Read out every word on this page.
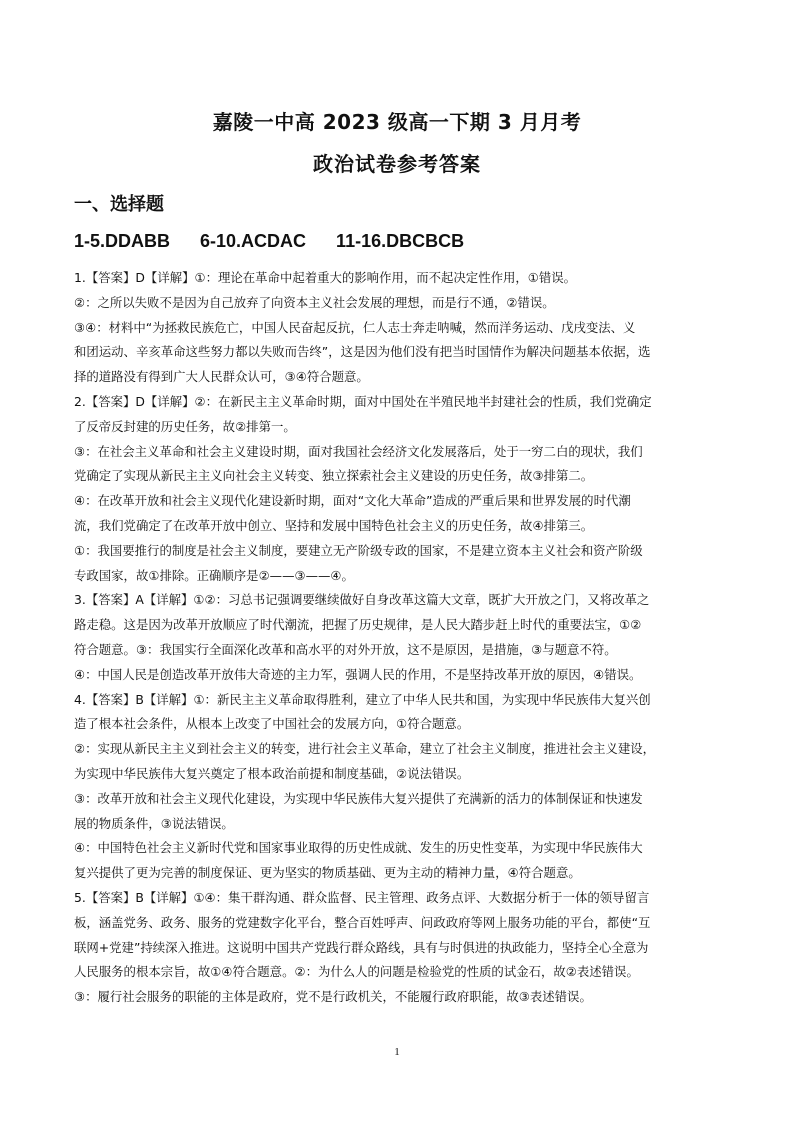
嘉陵一中高 2023 级高一下期 3 月月考
政治试卷参考答案
一、选择题
1-5.DDABB      6-10.ACDAC      11-16.DBCBCB
1.【答案】D【详解】①：理论在革命中起着重大的影响作用，而不起决定性作用，①错误。
②：之所以失败不是因为自己放弃了向资本主义社会发展的理想，而是行不通，②错误。
③④：材料中“为拯救民族危亡，中国人民奋起反抗，仁人志士奔走呐喊，然而洋务运动、戊戌变法、义
和团运动、辛亥革命这些努力都以失败而告终”，这是因为他们没有把当时国情作为解决问题基本依据，选
择的道路没有得到广大人民群众认可，③④符合题意。
2.【答案】D【详解】②：在新民主主义革命时期，面对中国处在半殖民地半封建社会的性质，我们党确定
了反帝反封建的历史任务，故②排第一。
③：在社会主义革命和社会主义建设时期，面对我国社会经济文化发展落后，处于一穷二白的现状，我们
党确定了实现从新民主主义向社会主义转变、独立探索社会主义建设的历史任务，故③排第二。
④：在改革开放和社会主义现代化建设新时期，面对“文化大革命”造成的严重后果和世界发展的时代潮
流，我们党确定了在改革开放中创立、坚持和发展中国特色社会主义的历史任务，故④排第三。
①：我国要推行的制度是社会主义制度，要建立无产阶级专政的国家，不是建立资本主义社会和资产阶级
专政国家，故①排除。正确顺序是②——③——④。
3.【答案】A【详解】①②：习总书记强调要继续做好自身改革这篇大文章，既扩大开放之门，又将改革之
路走稳。这是因为改革开放顺应了时代潮流，把握了历史规律，是人民大踏步赶上时代的重要法宝，①②
符合题意。③：我国实行全面深化改革和高水平的对外开放，这不是原因，是措施，③与题意不符。
④：中国人民是创造改革开放伟大奇迹的主力军，强调人民的作用，不是坚持改革开放的原因，④错误。
4.【答案】B【详解】①：新民主主义革命取得胜利，建立了中华人民共和国，为实现中华民族伟大复兴创
造了根本社会条件，从根本上改变了中国社会的发展方向，①符合题意。
②：实现从新民主主义到社会主义的转变，进行社会主义革命，建立了社会主义制度，推进社会主义建设，
为实现中华民族伟大复兴奠定了根本政治前提和制度基础，②说法错误。
③：改革开放和社会主义现代化建设，为实现中华民族伟大复兴提供了充满新的活力的体制保证和快速发
展的物质条件，③说法错误。
④：中国特色社会主义新时代党和国家事业取得的历史性成就、发生的历史性变革，为实现中华民族伟大
复兴提供了更为完善的制度保证、更为坚实的物质基础、更为主动的精神力量，④符合题意。
5.【答案】B【详解】①④：集干群沟通、群众监督、民主管理、政务点评、大数据分析于一体的领导留言
板，涵盖党务、政务、服务的党建数字化平台，整合百姓呼声、问政政府等网上服务功能的平台，都使“互
联网+党建”持续深入推进。这说明中国共产党践行群众路线，具有与时俱进的执政能力，坚持全心全意为
人民服务的根本宗旨，故①④符合题意。②：为什么人的问题是检验党的性质的试金石，故②表述错误。
③：履行社会服务的职能的主体是政府，党不是行政机关，不能履行政府职能，故③表述错误。
1
